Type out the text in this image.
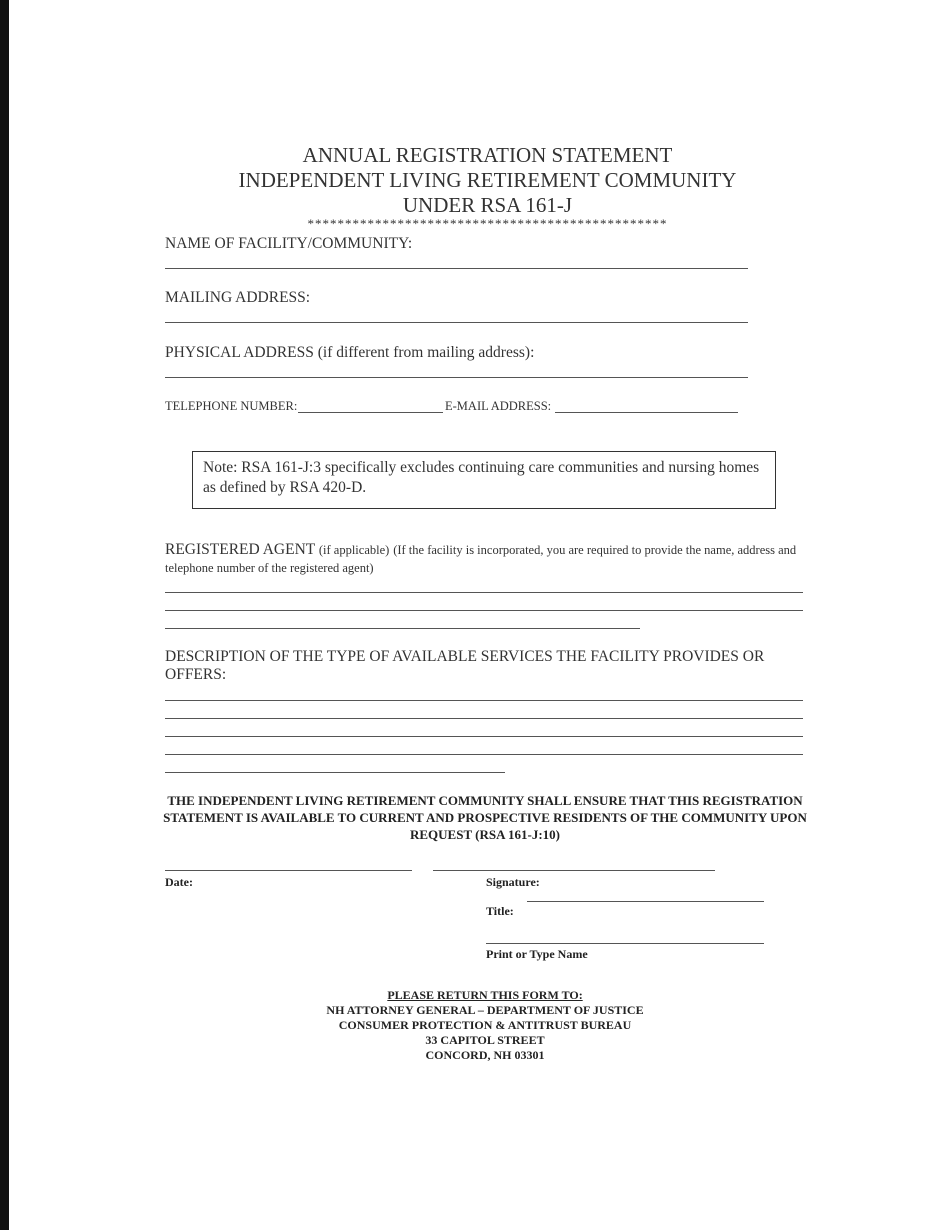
ANNUAL REGISTRATION STATEMENT
INDEPENDENT LIVING RETIREMENT COMMUNITY
UNDER RSA 161-J
************************************************
NAME OF FACILITY/COMMUNITY:
MAILING ADDRESS:
PHYSICAL ADDRESS (if different from mailing address):
TELEPHONE NUMBER:	E-MAIL ADDRESS:
Note: RSA 161-J:3 specifically excludes continuing care communities and nursing homes as defined by RSA 420-D.
REGISTERED AGENT (if applicable) (If the facility is incorporated, you are required to provide the name, address and telephone number of the registered agent)
DESCRIPTION OF THE TYPE OF AVAILABLE SERVICES THE FACILITY PROVIDES OR OFFERS:
THE INDEPENDENT LIVING RETIREMENT COMMUNITY SHALL ENSURE THAT THIS REGISTRATION STATEMENT IS AVAILABLE TO CURRENT AND PROSPECTIVE RESIDENTS OF THE COMMUNITY UPON REQUEST (RSA 161-J:10)
Date:	Signature:
Title:
Print or Type Name
PLEASE RETURN THIS FORM TO:
NH ATTORNEY GENERAL – DEPARTMENT OF JUSTICE
CONSUMER PROTECTION & ANTITRUST BUREAU
33 CAPITOL STREET
CONCORD, NH 03301
